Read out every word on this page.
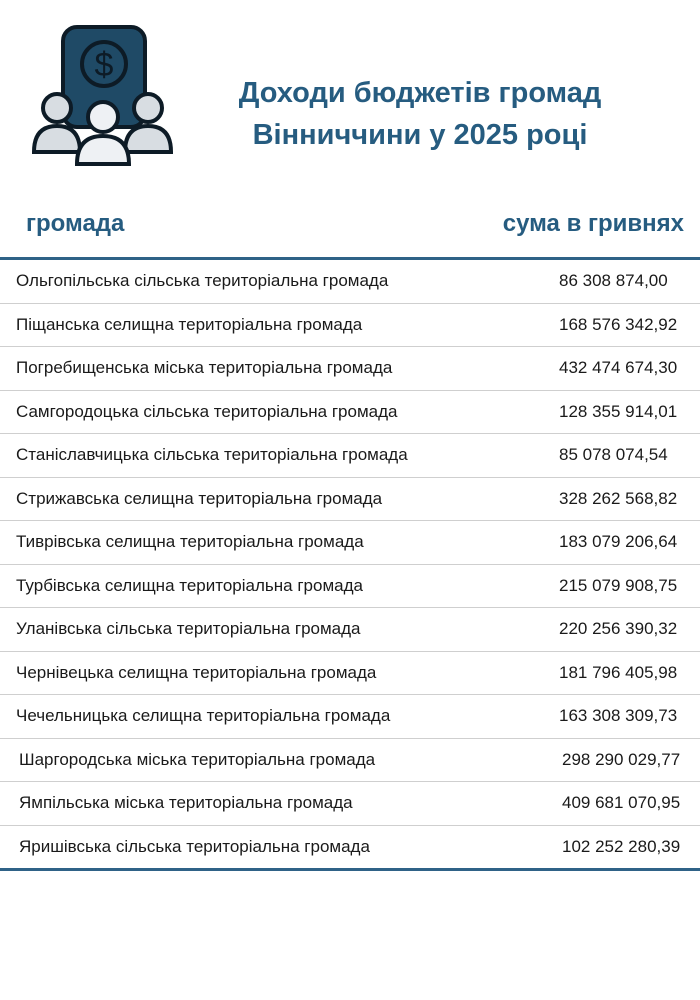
$
Доходи бюджетів громад
Вінниччини у 2025 році
громада	сума в гривнях
Ольгопільська сільська територіальна громада	86 308 874,00
Піщанська селищна територіальна громада	168 576 342,92
Погребищенська міська територіальна громада	432 474 674,30
Самгородоцька сільська територіальна громада	128 355 914,01
Станіславчицька сільська територіальна громада	85 078 074,54
Стрижавська селищна територіальна громада	328 262 568,82
Тиврівська селищна територіальна громада	183 079 206,64
Турбівська селищна територіальна громада	215 079 908,75
Уланівська сільська територіальна громада	220 256 390,32
Чернівецька селищна територіальна громада	181 796 405,98
Чечельницька селищна територіальна громада	163 308 309,73
Шаргородська міська територіальна громада	298 290 029,77
Ямпільська міська територіальна громада	409 681 070,95
Яришівська сільська територіальна громада	102 252 280,39
